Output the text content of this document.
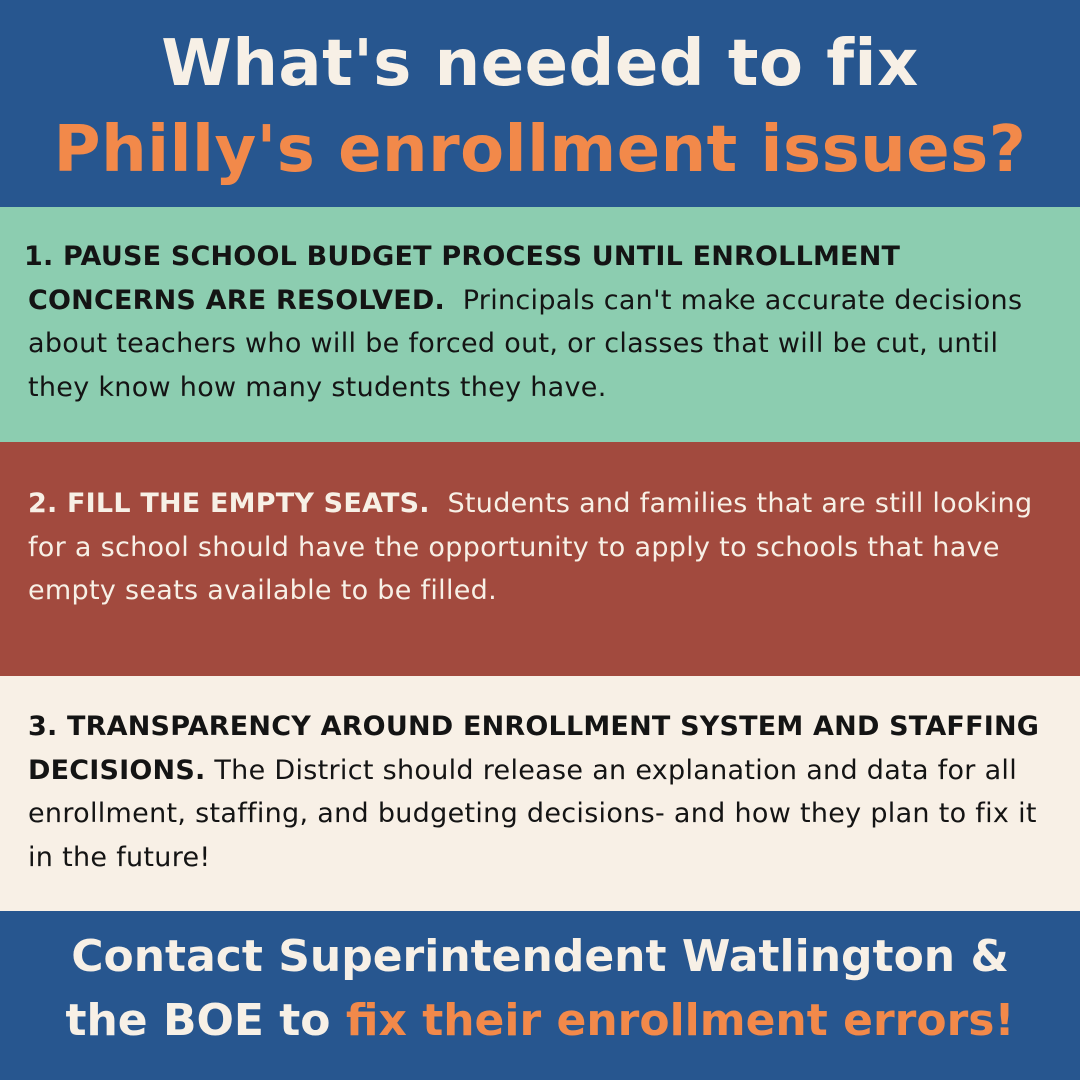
What's needed to fix
Philly's enrollment issues?

1. PAUSE SCHOOL BUDGET PROCESS UNTIL ENROLLMENT CONCERNS ARE RESOLVED. Principals can't make accurate decisions about teachers who will be forced out, or classes that will be cut, until they know how many students they have.

2. FILL THE EMPTY SEATS. Students and families that are still looking for a school should have the opportunity to apply to schools that have empty seats available to be filled.

3. TRANSPARENCY AROUND ENROLLMENT SYSTEM AND STAFFING DECISIONS. The District should release an explanation and data for all enrollment, staffing, and budgeting decisions- and how they plan to fix it in the future!

Contact Superintendent Watlington &

the BOE to fix their enrollment errors!
